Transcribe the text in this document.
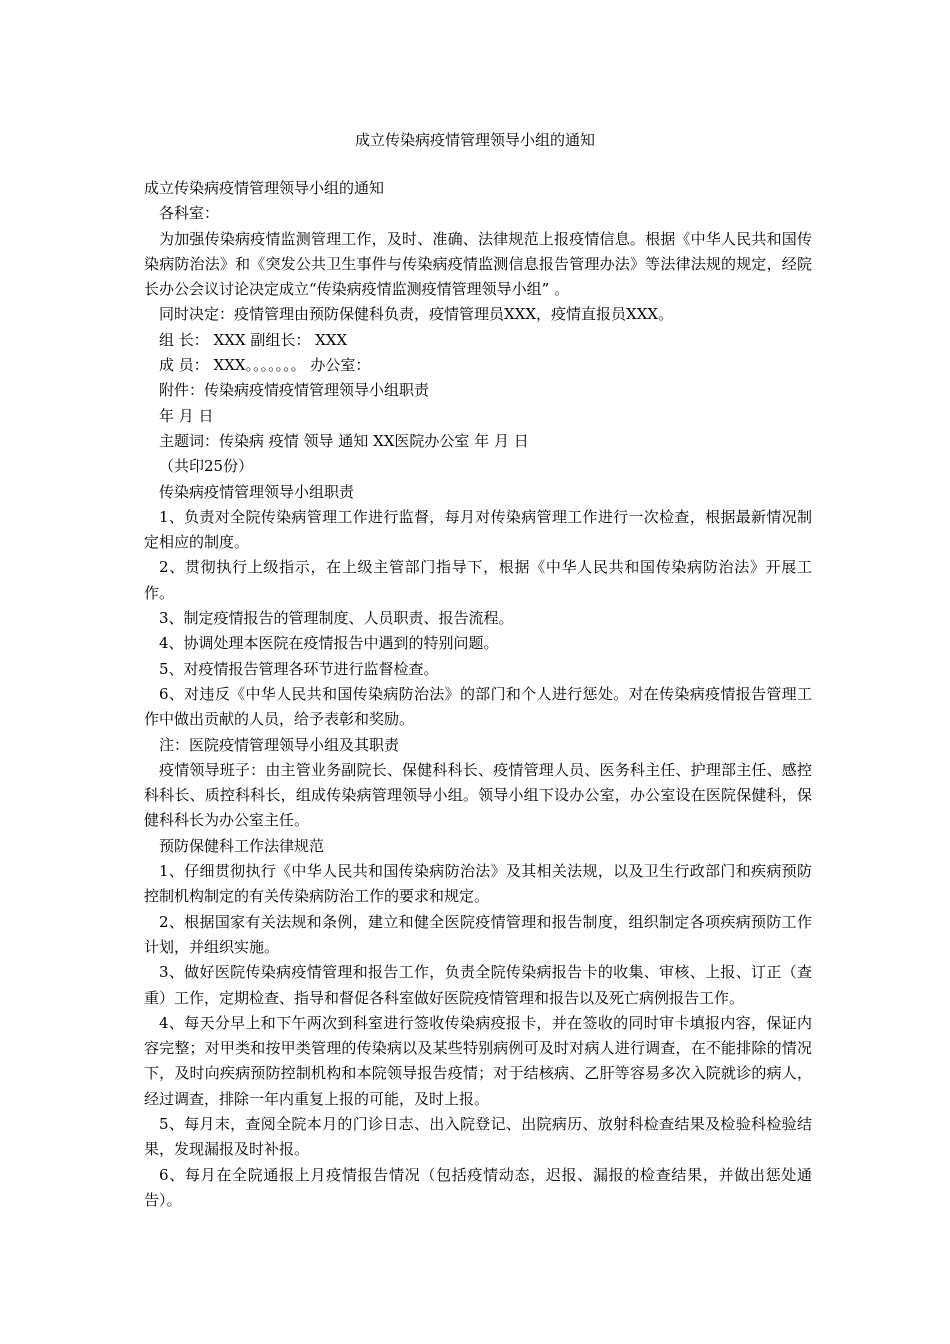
成立传染病疫情管理领导小组的通知

成立传染病疫情管理领导小组的通知

各科室：

为加强传染病疫情监测管理工作，及时、准确、法律规范上报疫情信息。根据《中华人民共和国传染病防治法》和《突发公共卫生事件与传染病疫情监测信息报告管理办法》等法律法规的规定，经院长办公会议讨论决定成立“传染病疫情监测疫情管理领导小组” 。

同时决定：疫情管理由预防保健科负责，疫情管理员XXX，疫情直报员XXX。

组 长： XXX 副组长： XXX

成 员： XXX。。。。。。。 办公室：

附件：传染病疫情疫情管理领导小组职责

年 月 日

主题词：传染病 疫情 领导 通知 XX医院办公室 年 月 日

（共印25份）

传染病疫情管理领导小组职责

1、负责对全院传染病管理工作进行监督，每月对传染病管理工作进行一次检查，根据最新情况制定相应的制度。

2、贯彻执行上级指示，在上级主管部门指导下，根据《中华人民共和国传染病防治法》开展工作。

3、制定疫情报告的管理制度、人员职责、报告流程。

4、协调处理本医院在疫情报告中遇到的特别问题。

5、对疫情报告管理各环节进行监督检查。

6、对违反《中华人民共和国传染病防治法》的部门和个人进行惩处。对在传染病疫情报告管理工作中做出贡献的人员，给予表彰和奖励。

注：医院疫情管理领导小组及其职责

疫情领导班子：由主管业务副院长、保健科科长、疫情管理人员、医务科主任、护理部主任、感控科科长、质控科科长，组成传染病管理领导小组。领导小组下设办公室，办公室设在医院保健科，保健科科长为办公室主任。

预防保健科工作法律规范

1、仔细贯彻执行《中华人民共和国传染病防治法》及其相关法规，以及卫生行政部门和疾病预防控制机构制定的有关传染病防治工作的要求和规定。

2、根据国家有关法规和条例，建立和健全医院疫情管理和报告制度，组织制定各项疾病预防工作计划，并组织实施。

3、做好医院传染病疫情管理和报告工作，负责全院传染病报告卡的收集、审核、上报、订正（查重）工作，定期检查、指导和督促各科室做好医院疫情管理和报告以及死亡病例报告工作。

4、每天分早上和下午两次到科室进行签收传染病疫报卡，并在签收的同时审卡填报内容，保证内容完整；对甲类和按甲类管理的传染病以及某些特别病例可及时对病人进行调查，在不能排除的情况下，及时向疾病预防控制机构和本院领导报告疫情；对于结核病、乙肝等容易多次入院就诊的病人，经过调查，排除一年内重复上报的可能，及时上报。

5、每月末，查阅全院本月的门诊日志、出入院登记、出院病历、放射科检查结果及检验科检验结果，发现漏报及时补报。

6、每月在全院通报上月疫情报告情况（包括疫情动态，迟报、漏报的检查结果，并做出惩处通告）。
